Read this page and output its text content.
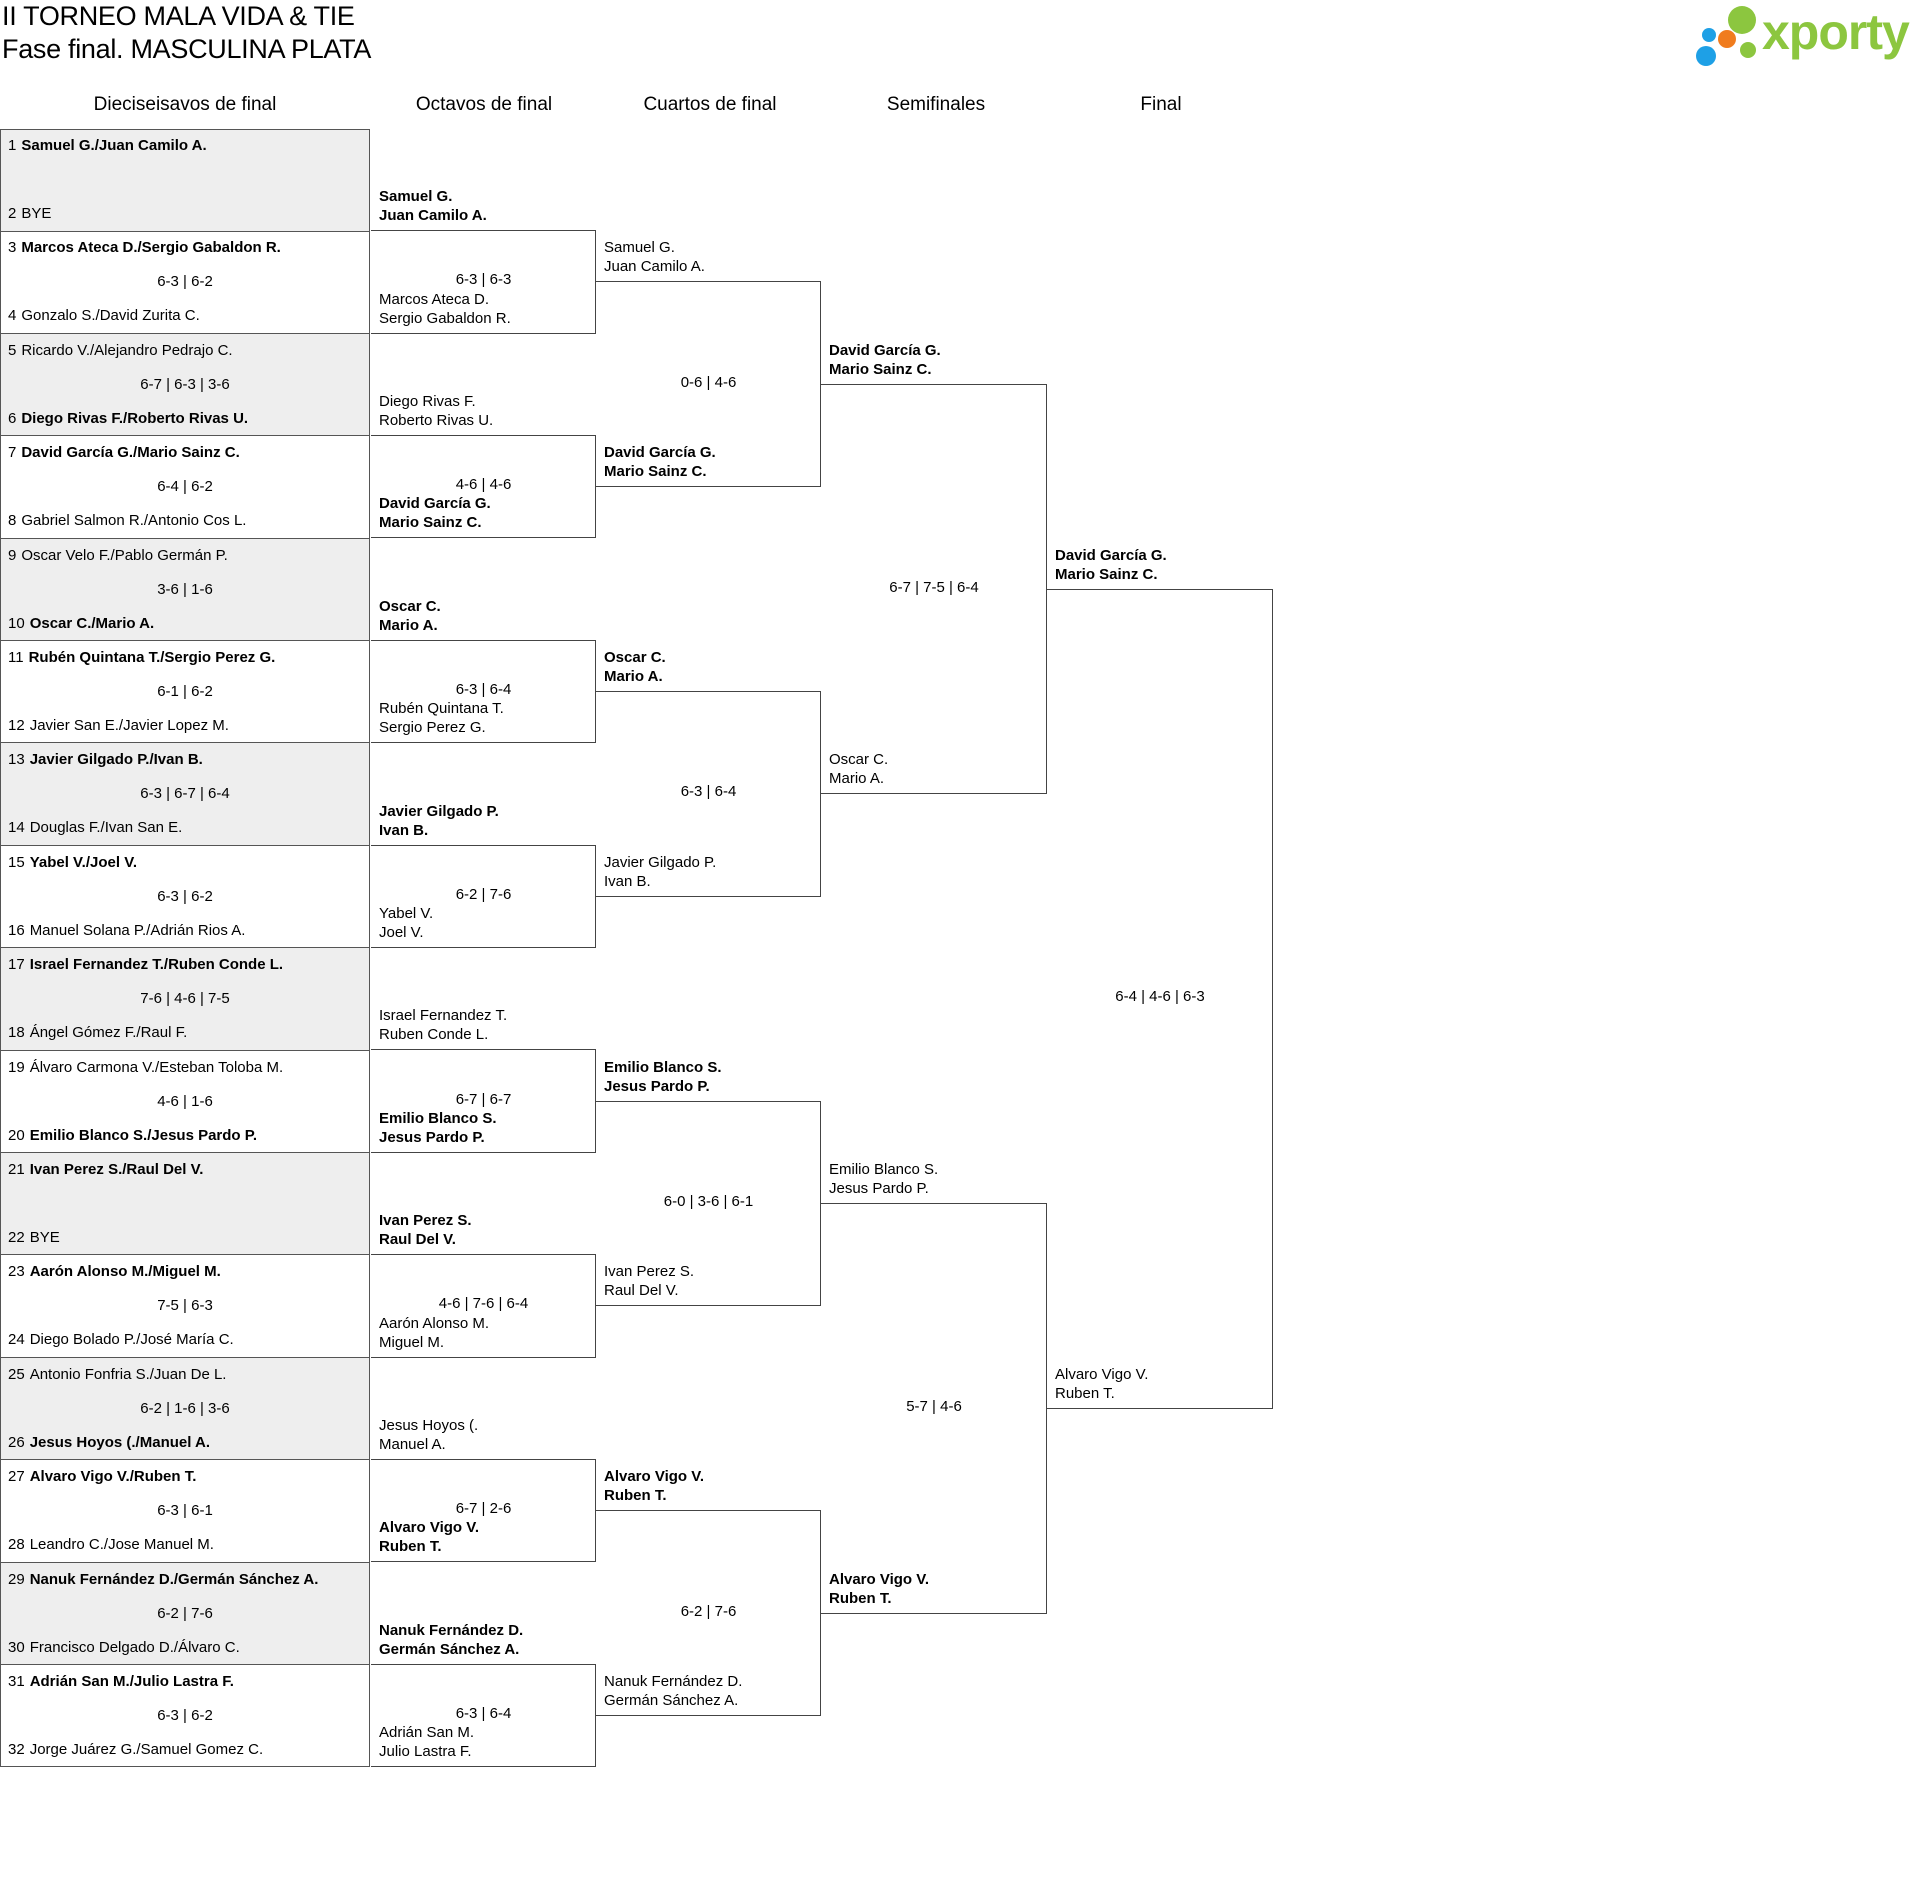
II TORNEO MALA VIDA & TIE
Fase final. MASCULINA PLATA	xporty
Dieciseisavos de final	Octavos de final	Cuartos de final	Semifinales	Final
1 Samuel G./Juan Camilo A.
2 BYE
3 Marcos Ateca D./Sergio Gabaldon R.
4 Gonzalo S./David Zurita C.
6-3 | 6-2
5 Ricardo V./Alejandro Pedrajo C.
6 Diego Rivas F./Roberto Rivas U.
6-7 | 6-3 | 3-6
7 David García G./Mario Sainz C.
8 Gabriel Salmon R./Antonio Cos L.
6-4 | 6-2
9 Oscar Velo F./Pablo Germán P.
10 Oscar C./Mario A.
3-6 | 1-6
11 Rubén Quintana T./Sergio Perez G.
12 Javier San E./Javier Lopez M.
6-1 | 6-2
13 Javier Gilgado P./Ivan B.
14 Douglas F./Ivan San E.
6-3 | 6-7 | 6-4
15 Yabel V./Joel V.
16 Manuel Solana P./Adrián Rios A.
6-3 | 6-2
17 Israel Fernandez T./Ruben Conde L.
18 Ángel Gómez F./Raul F.
7-6 | 4-6 | 7-5
19 Álvaro Carmona V./Esteban Toloba M.
20 Emilio Blanco S./Jesus Pardo P.
4-6 | 1-6
21 Ivan Perez S./Raul Del V.
22 BYE
23 Aarón Alonso M./Miguel M.
24 Diego Bolado P./José María C.
7-5 | 6-3
25 Antonio Fonfria S./Juan De L.
26 Jesus Hoyos (./Manuel A.
6-2 | 1-6 | 3-6
27 Alvaro Vigo V./Ruben T.
28 Leandro C./Jose Manuel M.
6-3 | 6-1
29 Nanuk Fernández D./Germán Sánchez A.
30 Francisco Delgado D./Álvaro C.
6-2 | 7-6
31 Adrián San M./Julio Lastra F.
32 Jorge Juárez G./Samuel Gomez C.
6-3 | 6-2
Samuel G.
Juan Camilo A.
Marcos Ateca D.
Sergio Gabaldon R.
6-3 | 6-3
Diego Rivas F.
Roberto Rivas U.
David García G.
Mario Sainz C.
4-6 | 4-6
Oscar C.
Mario A.
Rubén Quintana T.
Sergio Perez G.
6-3 | 6-4
Javier Gilgado P.
Ivan B.
Yabel V.
Joel V.
6-2 | 7-6
Israel Fernandez T.
Ruben Conde L.
Emilio Blanco S.
Jesus Pardo P.
6-7 | 6-7
Ivan Perez S.
Raul Del V.
Aarón Alonso M.
Miguel M.
4-6 | 7-6 | 6-4
Jesus Hoyos (.
Manuel A.
Alvaro Vigo V.
Ruben T.
6-7 | 2-6
Nanuk Fernández D.
Germán Sánchez A.
Adrián San M.
Julio Lastra F.
6-3 | 6-4
Samuel G.
Juan Camilo A.
David García G.
Mario Sainz C.
0-6 | 4-6
Oscar C.
Mario A.
Javier Gilgado P.
Ivan B.
6-3 | 6-4
Emilio Blanco S.
Jesus Pardo P.
Ivan Perez S.
Raul Del V.
6-0 | 3-6 | 6-1
Alvaro Vigo V.
Ruben T.
Nanuk Fernández D.
Germán Sánchez A.
6-2 | 7-6
David García G.
Mario Sainz C.
Oscar C.
Mario A.
6-7 | 7-5 | 6-4
Emilio Blanco S.
Jesus Pardo P.
Alvaro Vigo V.
Ruben T.
5-7 | 4-6
David García G.
Mario Sainz C.
Alvaro Vigo V.
Ruben T.
6-4 | 4-6 | 6-3
